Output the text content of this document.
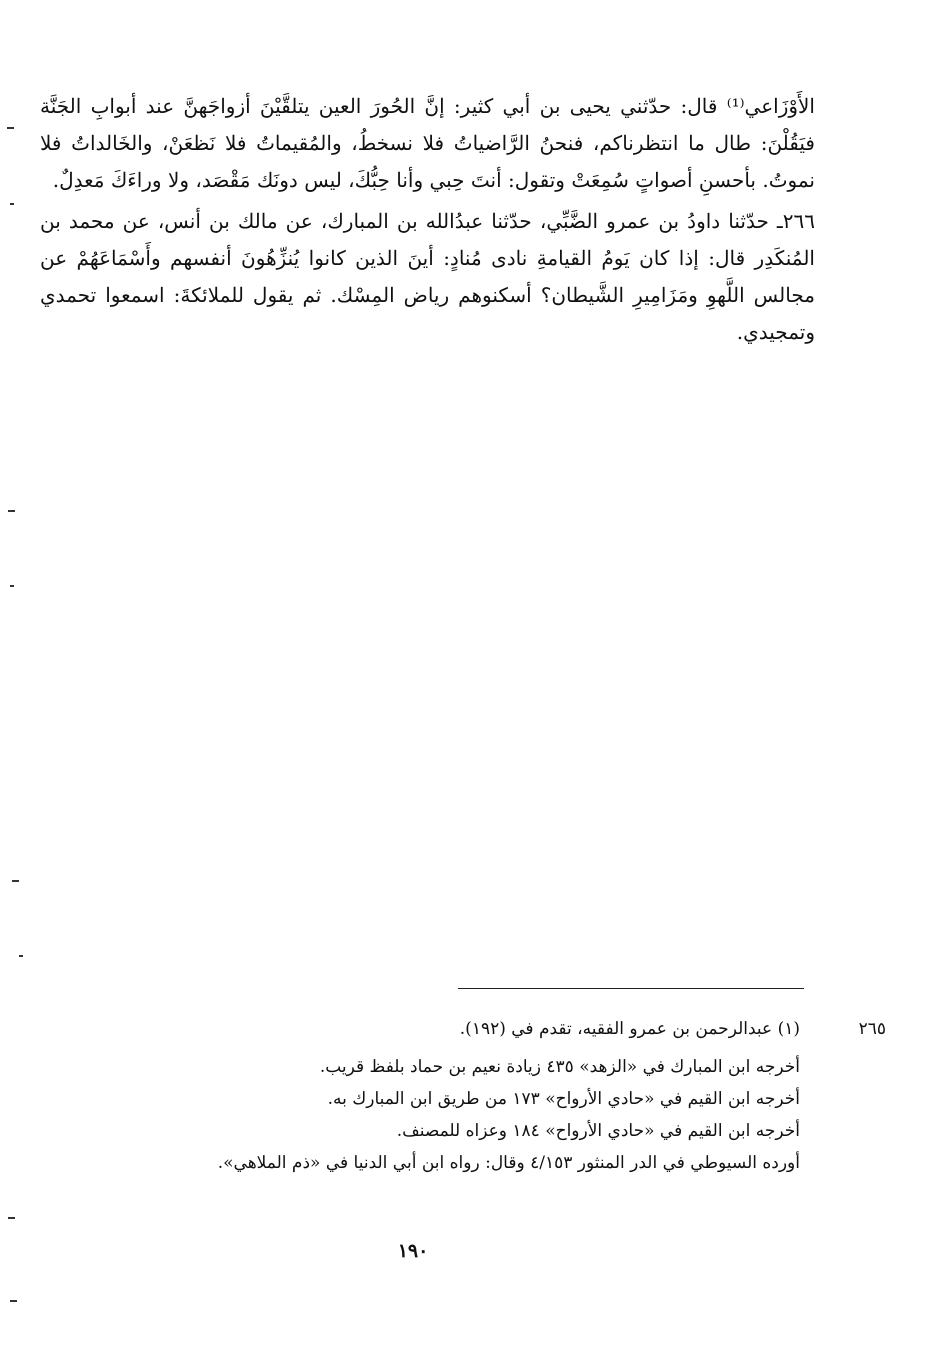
الأَوْزَاعي⁽¹⁾ قال: حدّثني يحيى بن أبي كثير: إنَّ الحُورَ العين يتلقَّيْنَ أزواجَهنَّ عند أبوابِ الجَنَّة فيَقُلْنَ: طال ما انتظرناكم، فنحنُ الرَّاضياتُ فلا نسخطُ، والمُقيماتُ فلا نَظعَنْ، والخَالداتُ فلا نموتُ. بأحسنِ أصواتٍ سُمِعَتْ وتقول: أنتَ حِبي وأنا حِبُّكَ، ليس دونَك مَقْصَد، ولا وراءَكَ مَعدِلٌ.

٢٦٦ـ حدّثنا داودُ بن عمرو الضَّبِّي، حدّثنا عبدُالله بن المبارك، عن مالك بن أنس، عن محمد بن المُنكَدِر قال: إذا كان يَومُ القيامةِ نادى مُنادٍ: أينَ الذين كانوا يُنزِّهُونَ أنفسهم وأَسْمَاعَهُمْ عن مجالس اللَّهوِ ومَزَامِيرِ الشَّيطان؟ أسكنوهم رياض المِسْك. ثم يقول للملائكةَ: اسمعوا تحمدي وتمجيدي.

٢٦٥

(١) عبدالرحمن بن عمرو الفقيه، تقدم في (١٩٢).

أخرجه ابن المبارك في «الزهد» ٤٣٥ زيادة نعيم بن حماد بلفظ قريب.

أخرجه ابن القيم في «حادي الأرواح» ١٧٣ من طريق ابن المبارك به.

أخرجه ابن القيم في «حادي الأرواح» ١٨٤ وعزاه للمصنف.

أورده السيوطي في الدر المنثور ٤/١٥٣ وقال: رواه ابن أبي الدنيا في «ذم الملاهي».

١٩٠
